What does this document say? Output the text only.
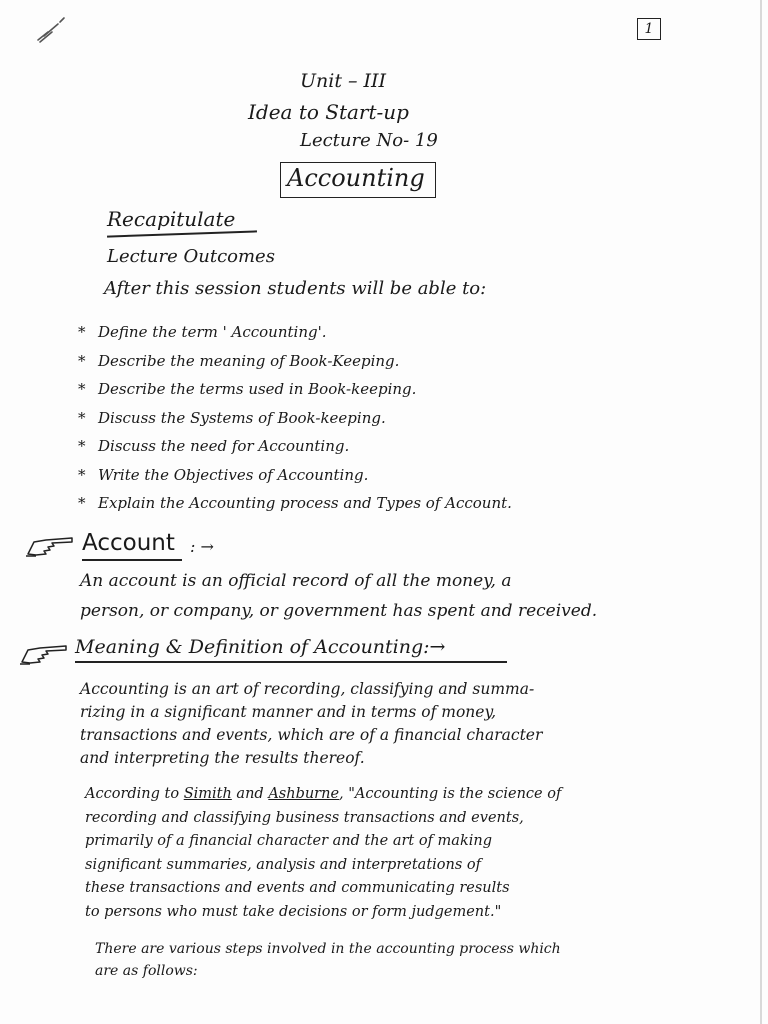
1
Unit – III
Idea to Start-up
Lecture No- 19
Accounting
Recapitulate
Lecture Outcomes
After this session students will be able to:
* Define the term ' Accounting'.
* Describe the meaning of Book-Keeping.
* Describe the terms used in Book-keeping.
* Discuss the Systems of Book-keeping.
* Discuss the need for Accounting.
* Write the Objectives of Accounting.
* Explain the Accounting process and Types of Account.
Account : →

An account is an official record of all the money, a

person, or company, or government has spent and received.

Meaning & Definition of Accounting:→

Accounting is an art of recording, classifying and summa-

rizing in a significant manner and in terms of money,

transactions and events, which are of a financial character

and interpreting the results thereof.

According to Simith and Ashburne, "Accounting is the science of

recording and classifying business transactions and events,

primarily of a financial character and the art of making

significant summaries, analysis and interpretations of

these transactions and events and communicating results

to persons who must take decisions or form judgement."

There are various steps involved in the accounting process which

are as follows:
